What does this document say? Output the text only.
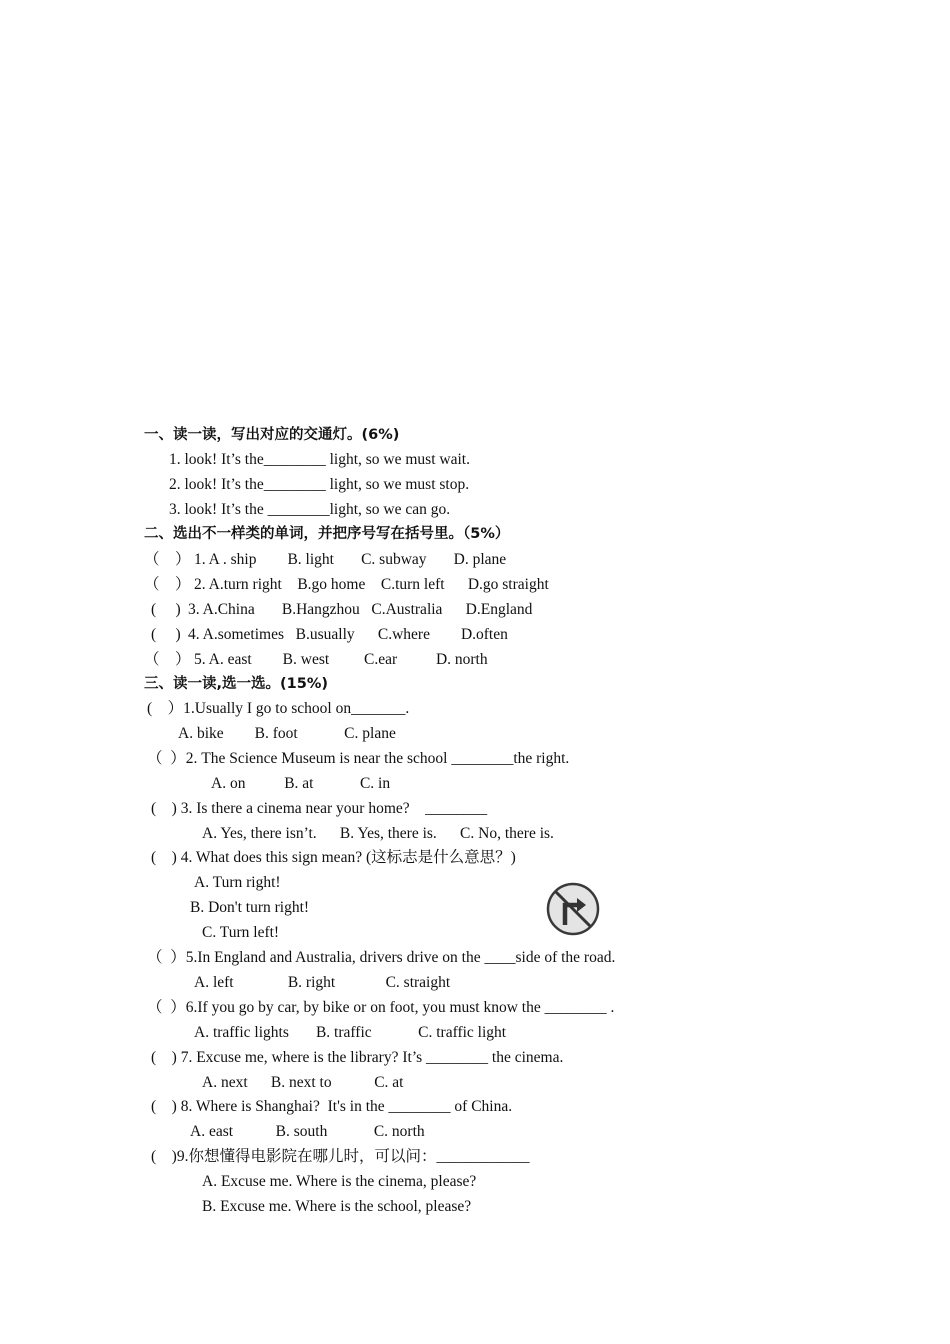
一、读一读，写出对应的交通灯。(6%)
1. look! It’s the________ light, so we must wait.
2. look! It’s the________ light, so we must stop.
3. look! It’s the ________light, so we can go.
二、选出不一样类的单词，并把序号写在括号里。（5%）
（    ） 1. A . ship        B. light       C. subway       D. plane
（    ） 2. A.turn right    B.go home    C.turn left      D.go straight
(     ) 3. A.China       B.Hangzhou   C.Australia      D.England
(     ) 4. A.sometimes   B.usually      C.where        D.often
（    ） 5. A. east        B. west         C.ear          D. north
三、读一读,选一选。(15%)
(    ）1.Usually I go to school on_______.
A. bike        B. foot            C. plane
（  ）2. The Science Museum is near the school ________the right.
A. on          B. at            C. in
(    ) 3. Is there a cinema near your home?    ________
A. Yes, there isn’t.      B. Yes, there is.      C. No, there is.
(    ) 4. What does this sign mean? (这标志是什么意思？)
A. Turn right!
B. Don't turn right!
C. Turn left!
（  ）5.In England and Australia, drivers drive on the ____side of the road.
A. left              B. right             C. straight
（  ）6.If you go by car, by bike or on foot, you must know the ________ .
A. traffic lights       B. traffic            C. traffic light
(    ) 7. Excuse me, where is the library? It’s ________ the cinema.
A. next      B. next to           C. at
(    ) 8. Where is Shanghai?  It's in the ________ of China.
A. east           B. south            C. north
(    )9.你想懂得电影院在哪儿时，可以问：____________
A. Excuse me. Where is the cinema, please?
B. Excuse me. Where is the school, please?
